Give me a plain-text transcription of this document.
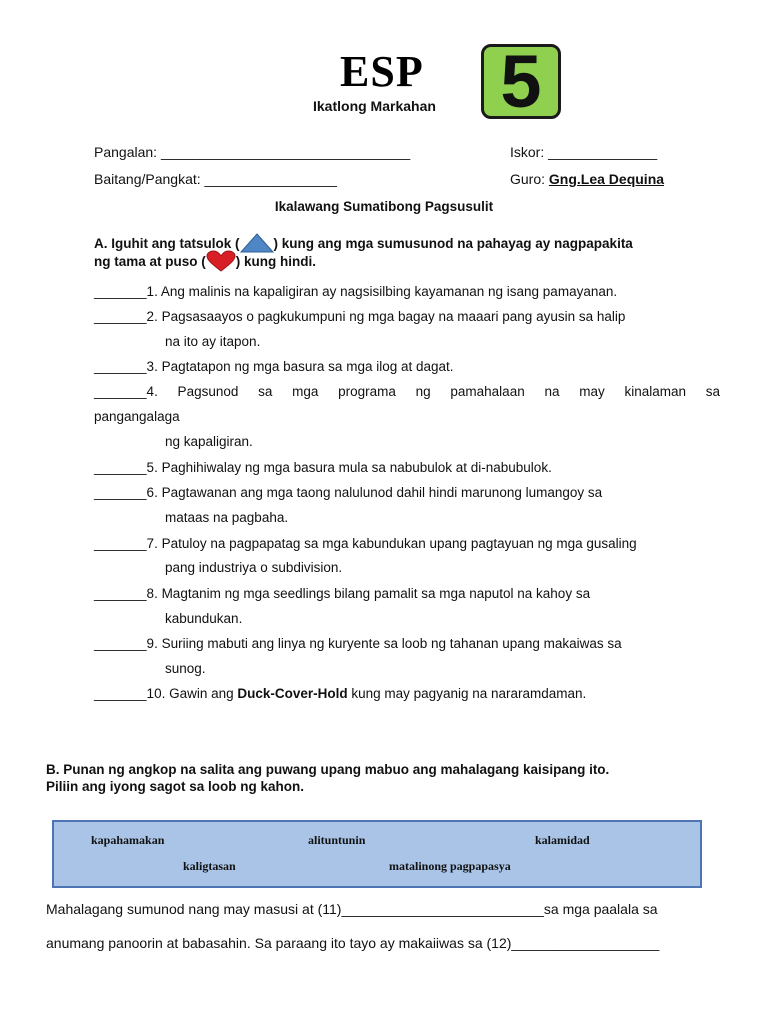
ESP 5
Ikatlong Markahan
Pangalan: ________________________________	Iskor: ______________
Baitang/Pangkat: _________________	Guro: Gng.Lea Dequina
Ikalawang Sumatibong Pagsusulit
A. Iguhit ang tatsulok (	) kung ang mga sumusunod na pahayag ay nagpapakita
ng tama at puso ( ) kung hindi.
_______1. Ang malinis na kapaligiran ay nagsisilbing kayamanan ng isang pamayanan.
_______2. Pagsasaayos o pagkukumpuni ng mga bagay na maaari pang ayusin sa halip
na ito ay itapon.
_______3. Pagtatapon ng mga basura sa mga ilog at dagat.
_______4. Pagsunod sa mga programa ng pamahalaan na may kinalaman sa
pangangalaga
ng kapaligiran.
_______5. Paghihiwalay ng mga basura mula sa nabubulok at di-nabubulok.
_______6. Pagtawanan ang mga taong nalulunod dahil hindi marunong lumangoy sa
mataas na pagbaha.
_______7. Patuloy na pagpapatag sa mga kabundukan upang pagtayuan ng mga gusaling
pang industriya o subdivision.
_______8. Magtanim ng mga seedlings bilang pamalit sa mga naputol na kahoy sa
kabundukan.
_______9. Suriing mabuti ang linya ng kuryente sa loob ng tahanan upang makaiwas sa
sunog.
_______10. Gawin ang Duck-Cover-Hold kung may pagyanig na nararamdaman.
B. Punan ng angkop na salita ang puwang upang mabuo ang mahalagang kaisipang ito.
Piliin ang iyong sagot sa loob ng kahon.
kapahamakan	alituntunin	kalamidad
kaligtasan	matalinong pagpapasya
Mahalagang sumunod nang may masusi at (11)__________________________sa mga paalala sa
anumang panoorin at babasahin. Sa paraang ito tayo ay makaiiwas sa (12)___________________
